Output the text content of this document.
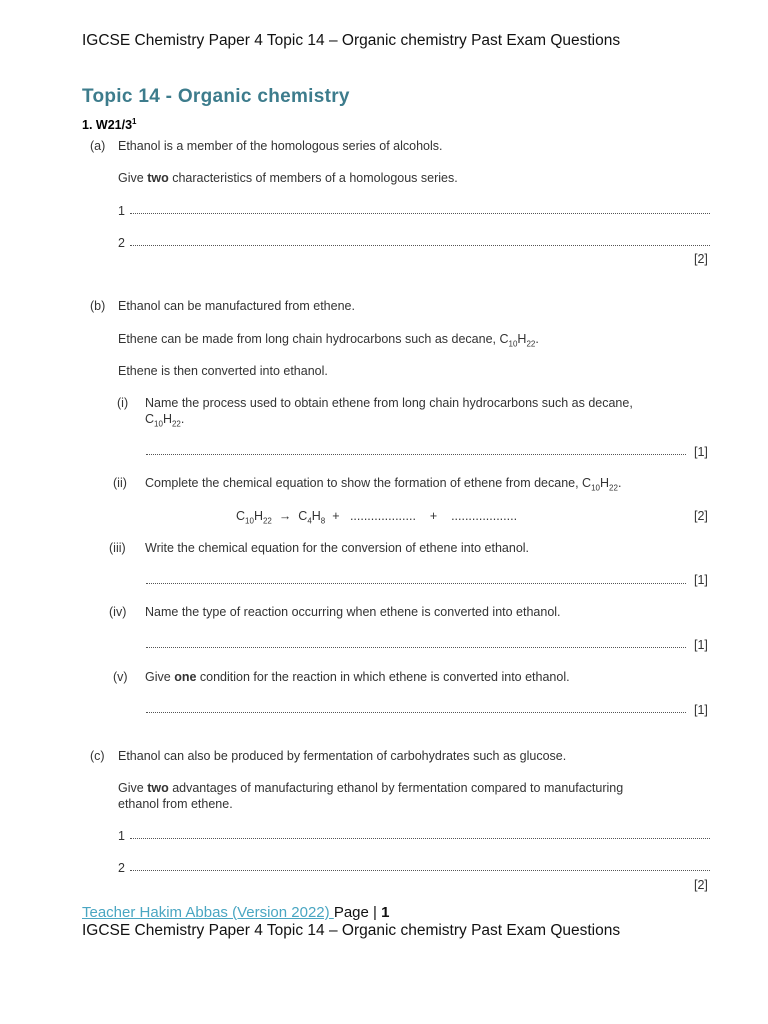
IGCSE Chemistry Paper 4 Topic 14 – Organic chemistry Past Exam Questions
Topic 14 - Organic chemistry
1. $W21/3^1$
(a) Ethanol is a member of the homologous series of alcohols.
Give two characteristics of members of a homologous series.
1
2
[2]
(b) Ethanol can be manufactured from ethene.
Ethene can be made from long chain hydrocarbons such as decane, $C_{10}H_{22}$.
Ethene is then converted into ethanol.
(i) Name the process used to obtain ethene from long chain hydrocarbons such as decane,
$C_{10}H_{22}$.
[1]
(ii) Complete the chemical equation to show the formation of ethene from decane, $C_{10}H_{22}$.
$C_{10}H_{22} \to C_4H_8$ + ................... + ...................	[2]
(iii) Write the chemical equation for the conversion of ethene into ethanol.
[1]
(iv) Name the type of reaction occurring when ethene is converted into ethanol.
[1]
(v) Give one condition for the reaction in which ethene is converted into ethanol.
[1]
(c) Ethanol can also be produced by fermentation of carbohydrates such as glucose.
Give two advantages of manufacturing ethanol by fermentation compared to manufacturing
ethanol from ethene.
1
2
[2]
Teacher Hakim Abbas (Version 2022) Page | 1
IGCSE Chemistry Paper 4 Topic 14 – Organic chemistry Past Exam Questions
